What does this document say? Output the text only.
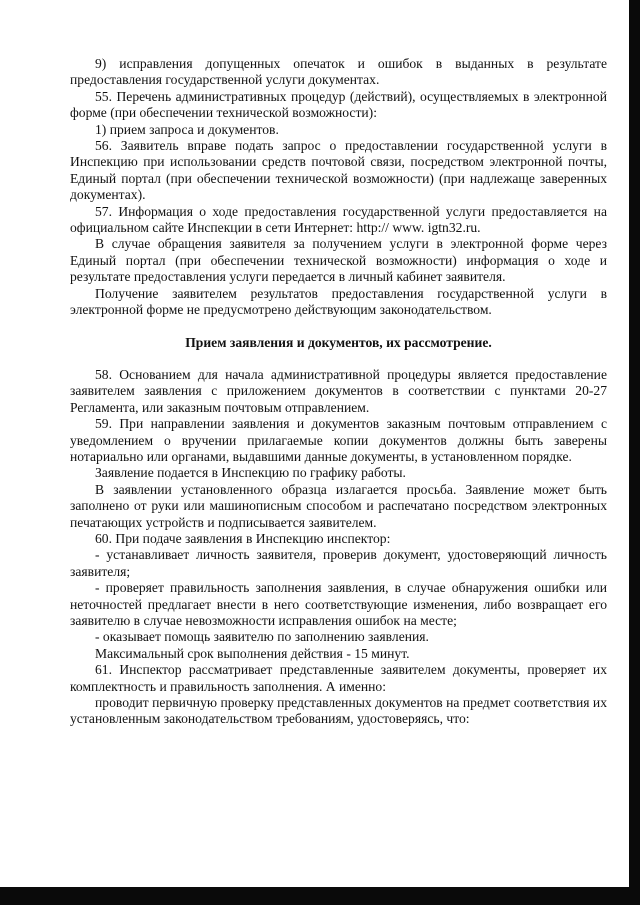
9) исправления допущенных опечаток и ошибок в выданных в результате предоставления государственной услуги документах.

55. Перечень административных процедур (действий), осуществляемых в электронной форме (при обеспечении технической возможности):

1) прием запроса и документов.

56. Заявитель вправе подать запрос о предоставлении государственной услуги в Инспекцию при использовании средств почтовой связи, посредством электронной почты, Единый портал (при обеспечении технической возможности) (при надлежаще заверенных документах).

57. Информация о ходе предоставления государственной услуги предоставляется на официальном сайте Инспекции в сети Интернет: http:// www. igtn32.ru.

В случае обращения заявителя за получением услуги в электронной форме через Единый портал (при обеспечении технической возможности) информация о ходе и результате предоставления услуги передается в личный кабинет заявителя.

Получение заявителем результатов предоставления государственной услуги в электронной форме не предусмотрено действующим законодательством.

Прием заявления и документов, их рассмотрение.

58. Основанием для начала административной процедуры является предоставление заявителем заявления с приложением документов в соответствии с пунктами 20-27 Регламента, или заказным почтовым отправлением.

59. При направлении заявления и документов заказным почтовым отправлением с уведомлением о вручении прилагаемые копии документов должны быть заверены нотариально или органами, выдавшими данные документы, в установленном порядке.

Заявление подается в Инспекцию по графику работы.

В заявлении установленного образца излагается просьба. Заявление может быть заполнено от руки или машинописным способом и распечатано посредством электронных печатающих устройств и подписывается заявителем.

60. При подаче заявления в Инспекцию инспектор:

- устанавливает личность заявителя, проверив документ, удостоверяющий личность заявителя;

- проверяет правильность заполнения заявления, в случае обнаружения ошибки или неточностей предлагает внести в него соответствующие изменения, либо возвращает его заявителю в случае невозможности исправления ошибок на месте;

- оказывает помощь заявителю по заполнению заявления.

Максимальный срок выполнения действия - 15 минут.

61. Инспектор рассматривает представленные заявителем документы, проверяет их комплектность и правильность заполнения. А именно:

проводит первичную проверку представленных документов на предмет соответствия их установленным законодательством требованиям, удостоверяясь, что:
